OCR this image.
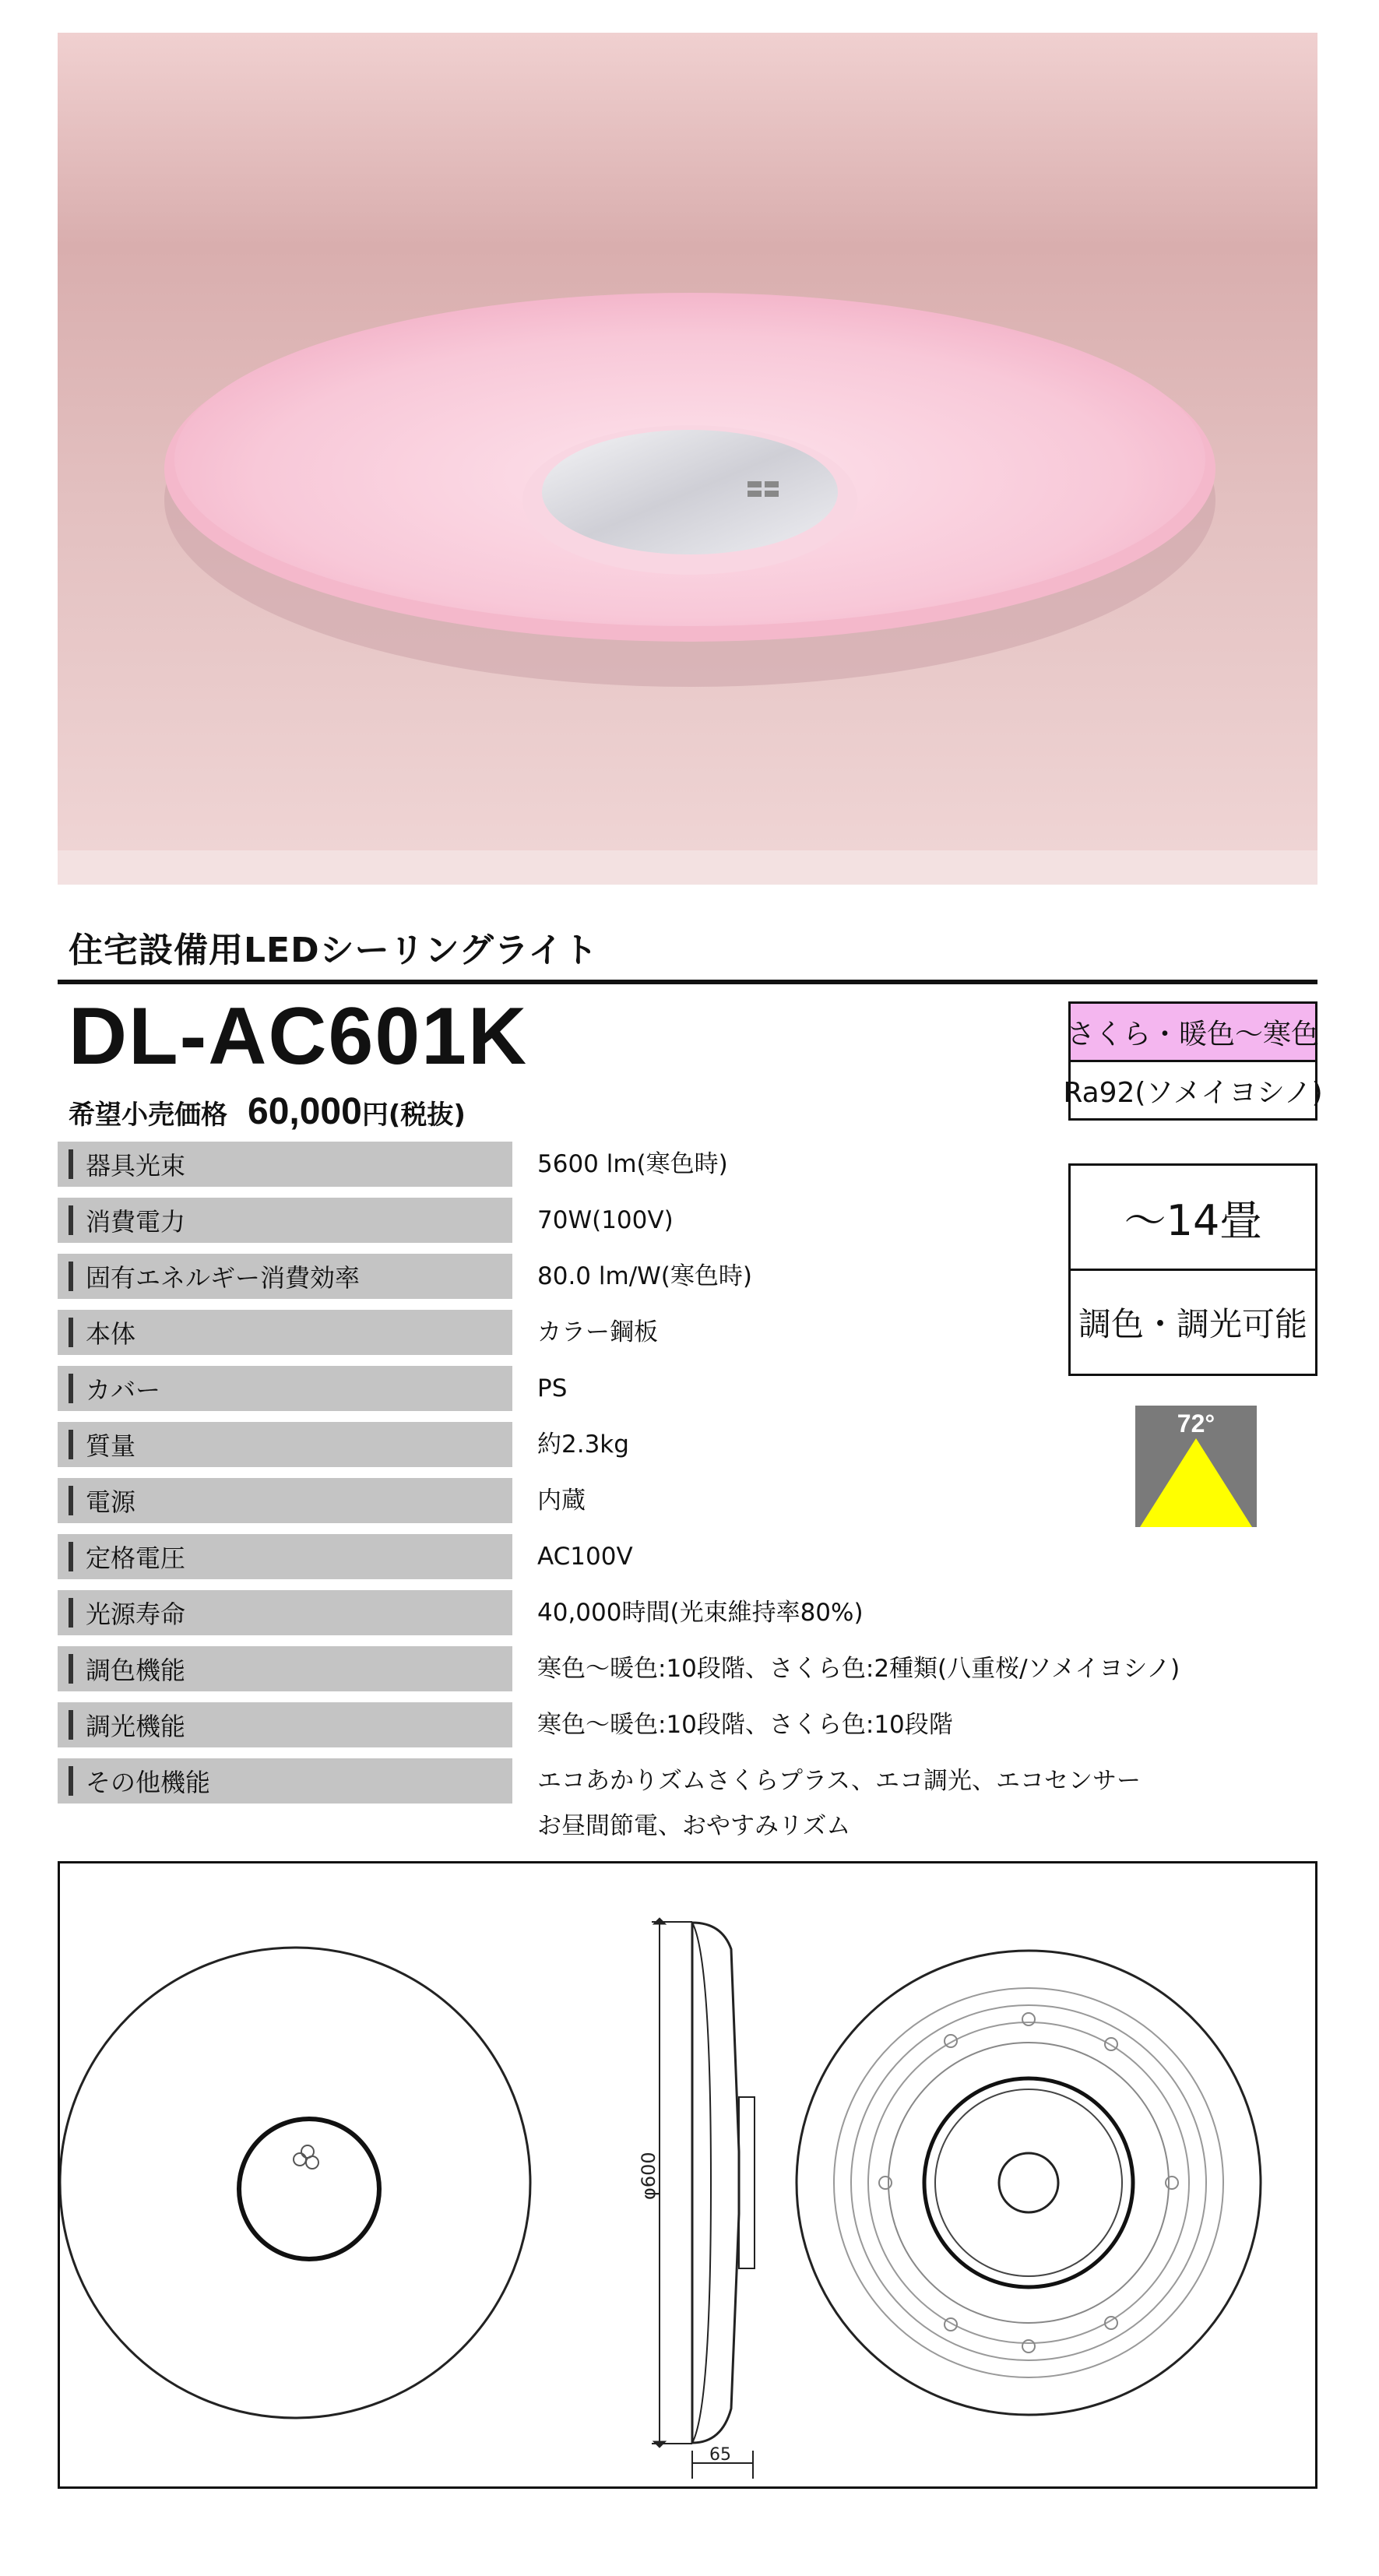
住宅設備用LEDシーリングライト
DL-AC601K
希望小売価格 60,000円(税抜)
器具光束	5600 lm(寒色時)
消費電力	70W(100V)
固有エネルギー消費効率	80.0 lm/W(寒色時)
本体	カラー鋼板
カバー	PS
質量	約2.3kg
電源	内蔵
定格電圧	AC100V
光源寿命	40,000時間(光束維持率80%)
調色機能	寒色～暖色:10段階、さくら色:2種類(八重桜/ソメイヨシノ)
調光機能	寒色～暖色:10段階、さくら色:10段階
その他機能	エコあかりズムさくらプラス、エコ調光、エコセンサー
お昼間節電、おやすみリズム
さくら・暖色～寒色
Ra92(ソメイヨシノ)
～14畳
調色・調光可能
72°
φ600
65
